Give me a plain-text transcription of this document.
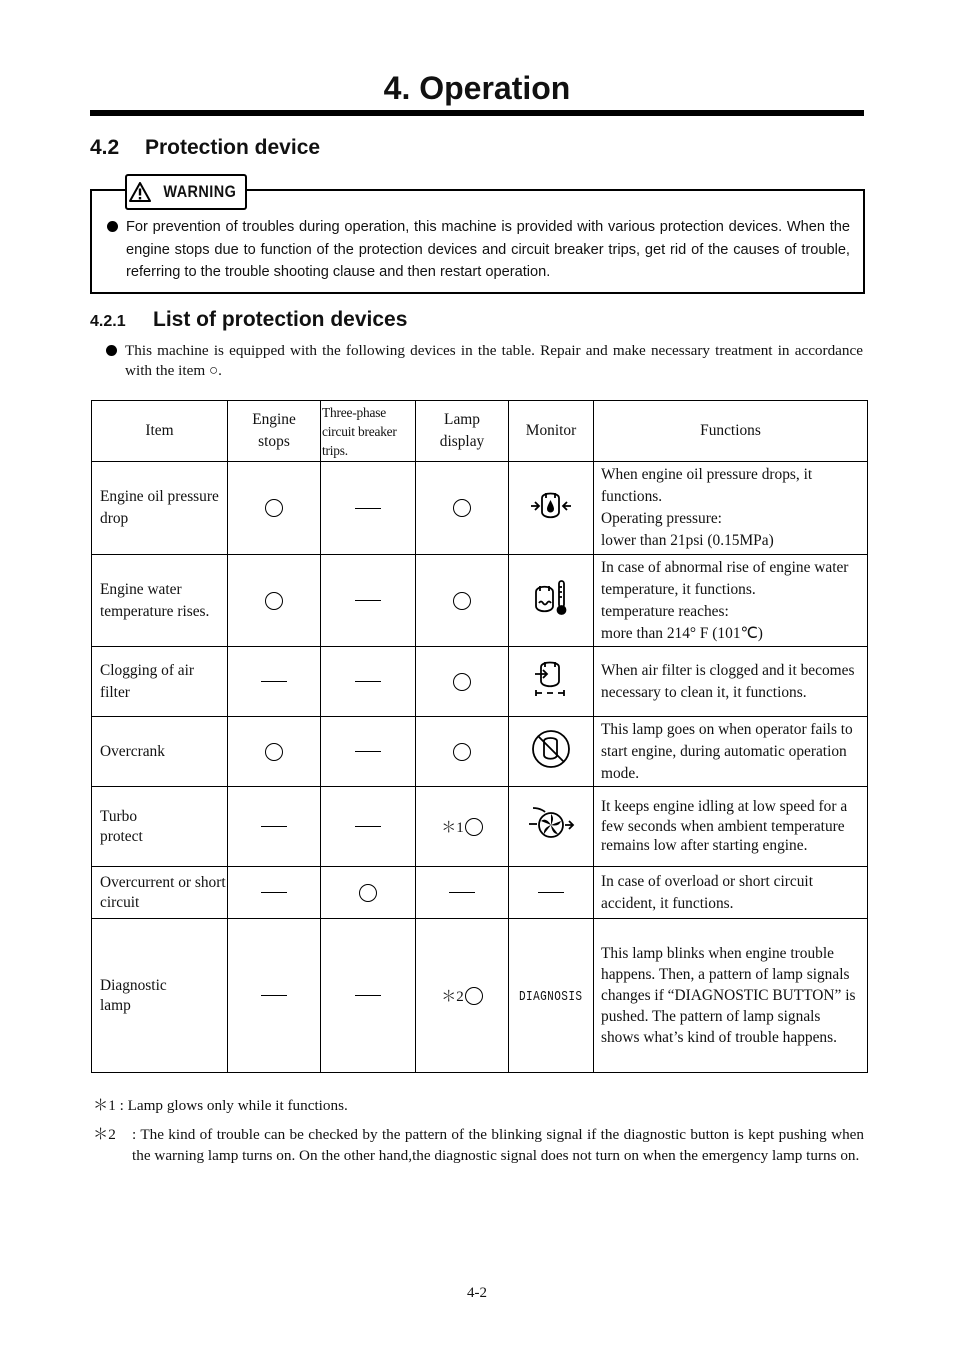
4. Operation
4.2 Protection device
WARNING
For prevention of troubles during operation, this machine is provided with various protection devices. When the engine stops due to function of the protection devices and circuit breaker trips, get rid of the causes of trouble, referring to the trouble shooting clause and then restart operation.
4.2.1 List of protection devices
This machine is equipped with the following devices in the table. Repair and make necessary treatment in accordance with the item ○.
Item	Engine stops	Three-phase circuit breaker trips.	Lamp display	Monitor	Functions
Engine oil pressure drop					When engine oil pressure drops, it functions.
Operating pressure:
lower than 21psi (0.15MPa)

Engine water temperature rises.					In case of abnormal rise of engine water temperature, it functions.
temperature reaches:
more than 214° F (101℃)

Clogging of air filter					When air filter is clogged and it becomes necessary to clean it, it functions.

Overcrank					This lamp goes on when operator fails to start engine, during automatic operation mode.

Turbo protect			＊1		It keeps engine idling at low speed for a few seconds when ambient temperature remains low after starting engine.

Overcurrent or short circuit					In case of overload or short circuit accident, it functions.

Diagnostic lamp			＊2	DIAGNOSIS	This lamp blinks when engine trouble happens. Then, a pattern of lamp signals changes if “DIAGNOSTIC BUTTON” is pushed. The pattern of lamp signals shows what’s kind of trouble happens.
＊1 : Lamp glows only while it functions.
＊2	: The kind of trouble can be checked by the pattern of the blinking signal if the diagnostic button is kept pushing when the warning lamp turns on. On the other hand,the diagnostic signal does not turn on when the emergency lamp turns on.
4-2
